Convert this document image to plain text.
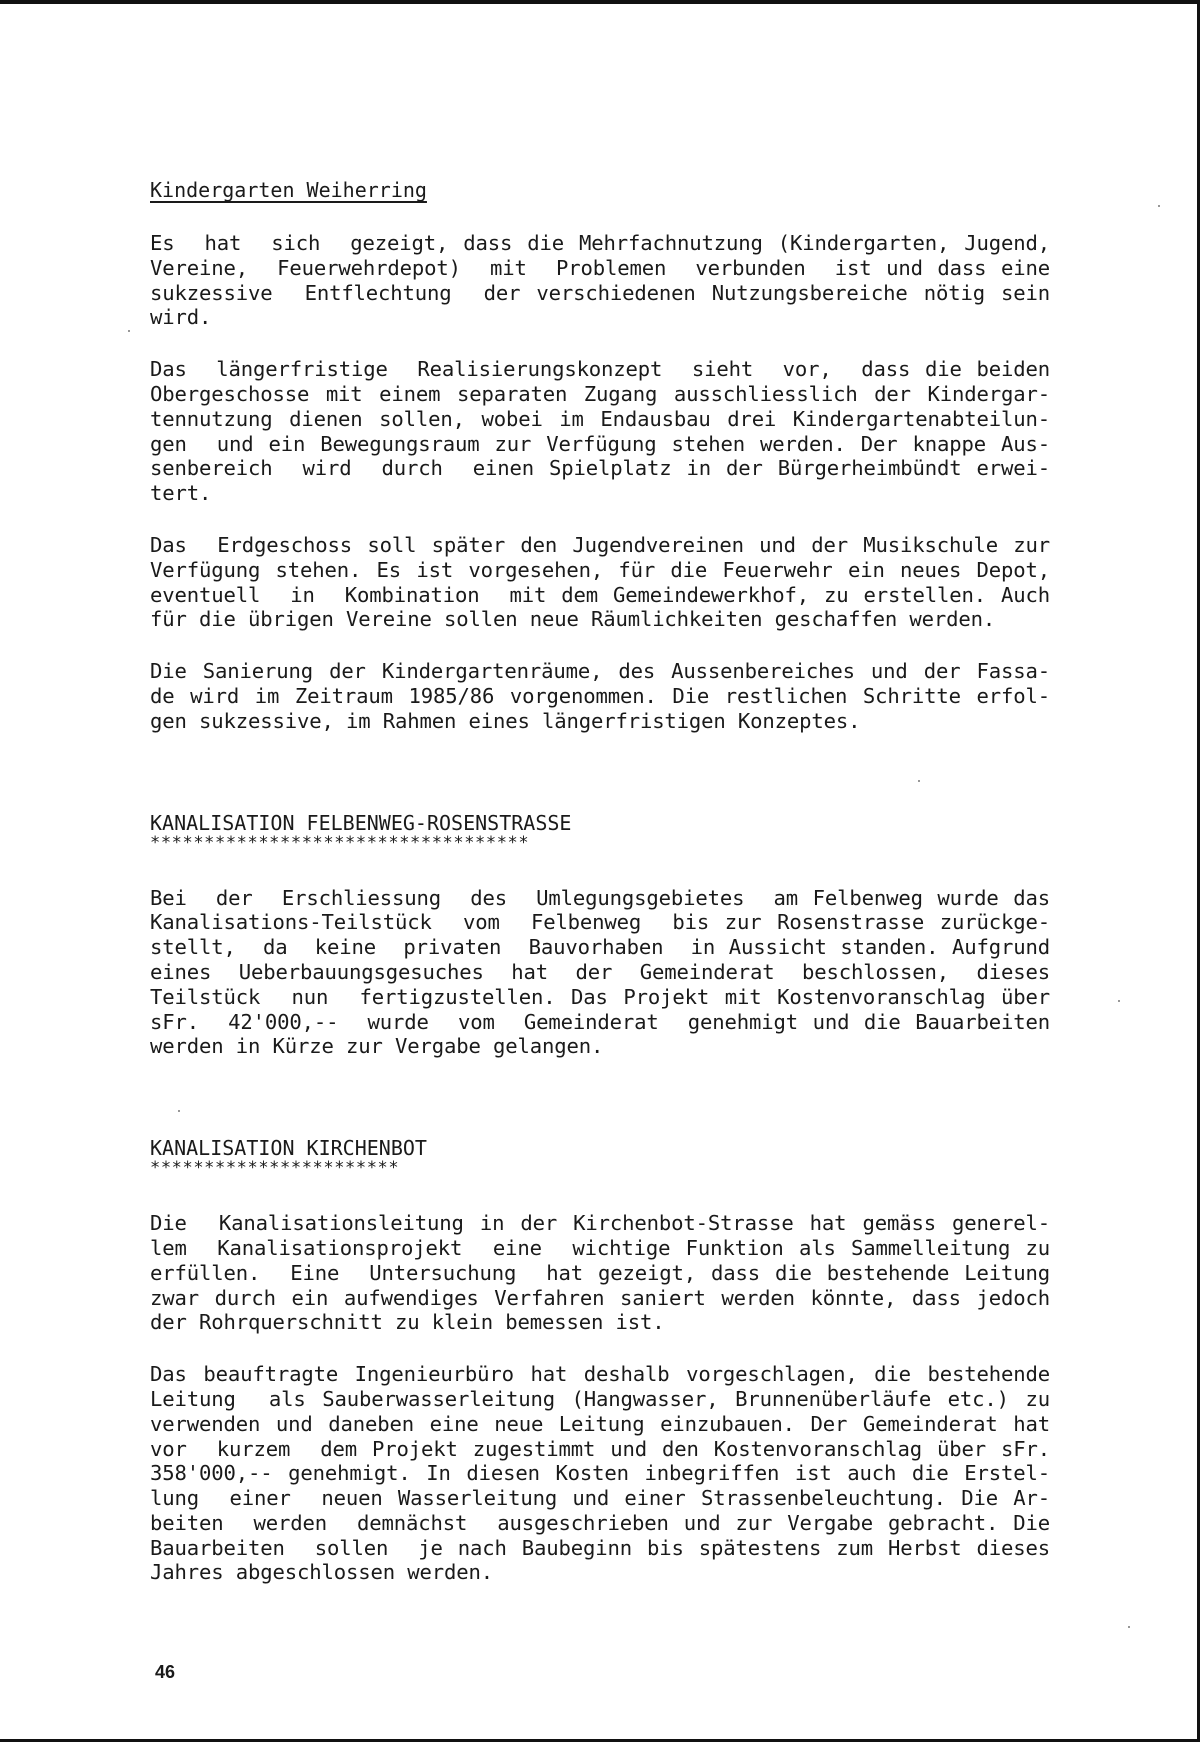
Kindergarten Weiherring

Es  hat  sich  gezeigt, dass die Mehrfachnutzung (Kindergarten, Jugend,
Vereine,  Feuerwehrdepot)  mit  Problemen  verbunden  ist und dass eine
sukzessive  Entflechtung  der verschiedenen Nutzungsbereiche nötig sein
wird.

Das  längerfristige  Realisierungskonzept  sieht  vor,  dass die beiden
Obergeschosse mit einem separaten Zugang ausschliesslich der Kindergar-
tennutzung dienen sollen, wobei im Endausbau drei Kindergartenabteilun-
gen  und ein Bewegungsraum zur Verfügung stehen werden. Der knappe Aus-
senbereich  wird  durch  einen Spielplatz in der Bürgerheimbündt erwei-
tert.

Das  Erdgeschoss soll später den Jugendvereinen und der Musikschule zur
Verfügung stehen. Es ist vorgesehen, für die Feuerwehr ein neues Depot,
eventuell  in  Kombination  mit dem Gemeindewerkhof, zu erstellen. Auch
für die übrigen Vereine sollen neue Räumlichkeiten geschaffen werden.

Die Sanierung der Kindergartenräume, des Aussenbereiches und der Fassa-
de wird im Zeitraum 1985/86 vorgenommen. Die restlichen Schritte erfol-
gen sukzessive, im Rahmen eines längerfristigen Konzeptes.

KANALISATION FELBENWEG-ROSENSTRASSE

***********************************

Bei  der  Erschliessung  des  Umlegungsgebietes  am Felbenweg wurde das
Kanalisations-Teilstück  vom  Felbenweg  bis zur Rosenstrasse zurückge-
stellt,  da  keine  privaten  Bauvorhaben  in Aussicht standen. Aufgrund
eines  Ueberbauungsgesuches  hat  der  Gemeinderat  beschlossen,  dieses
Teilstück  nun  fertigzustellen. Das Projekt mit Kostenvoranschlag über
sFr.  42'000,--  wurde  vom  Gemeinderat  genehmigt und die Bauarbeiten
werden in Kürze zur Vergabe gelangen.

KANALISATION KIRCHENBOT

***********************

Die  Kanalisationsleitung in der Kirchenbot-Strasse hat gemäss generel-
lem  Kanalisationsprojekt  eine  wichtige Funktion als Sammelleitung zu
erfüllen.  Eine  Untersuchung  hat gezeigt, dass die bestehende Leitung
zwar durch ein aufwendiges Verfahren saniert werden könnte, dass jedoch
der Rohrquerschnitt zu klein bemessen ist.

Das beauftragte Ingenieurbüro hat deshalb vorgeschlagen, die bestehende
Leitung  als Sauberwasserleitung (Hangwasser, Brunnenüberläufe etc.) zu
verwenden und daneben eine neue Leitung einzubauen. Der Gemeinderat hat
vor  kurzem  dem Projekt zugestimmt und den Kostenvoranschlag über sFr.
358'000,-- genehmigt. In diesen Kosten inbegriffen ist auch die Erstel-
lung  einer  neuen Wasserleitung und einer Strassenbeleuchtung. Die Ar-
beiten  werden  demnächst  ausgeschrieben und zur Vergabe gebracht. Die
Bauarbeiten  sollen  je nach Baubeginn bis spätestens zum Herbst dieses
Jahres abgeschlossen werden.

46
